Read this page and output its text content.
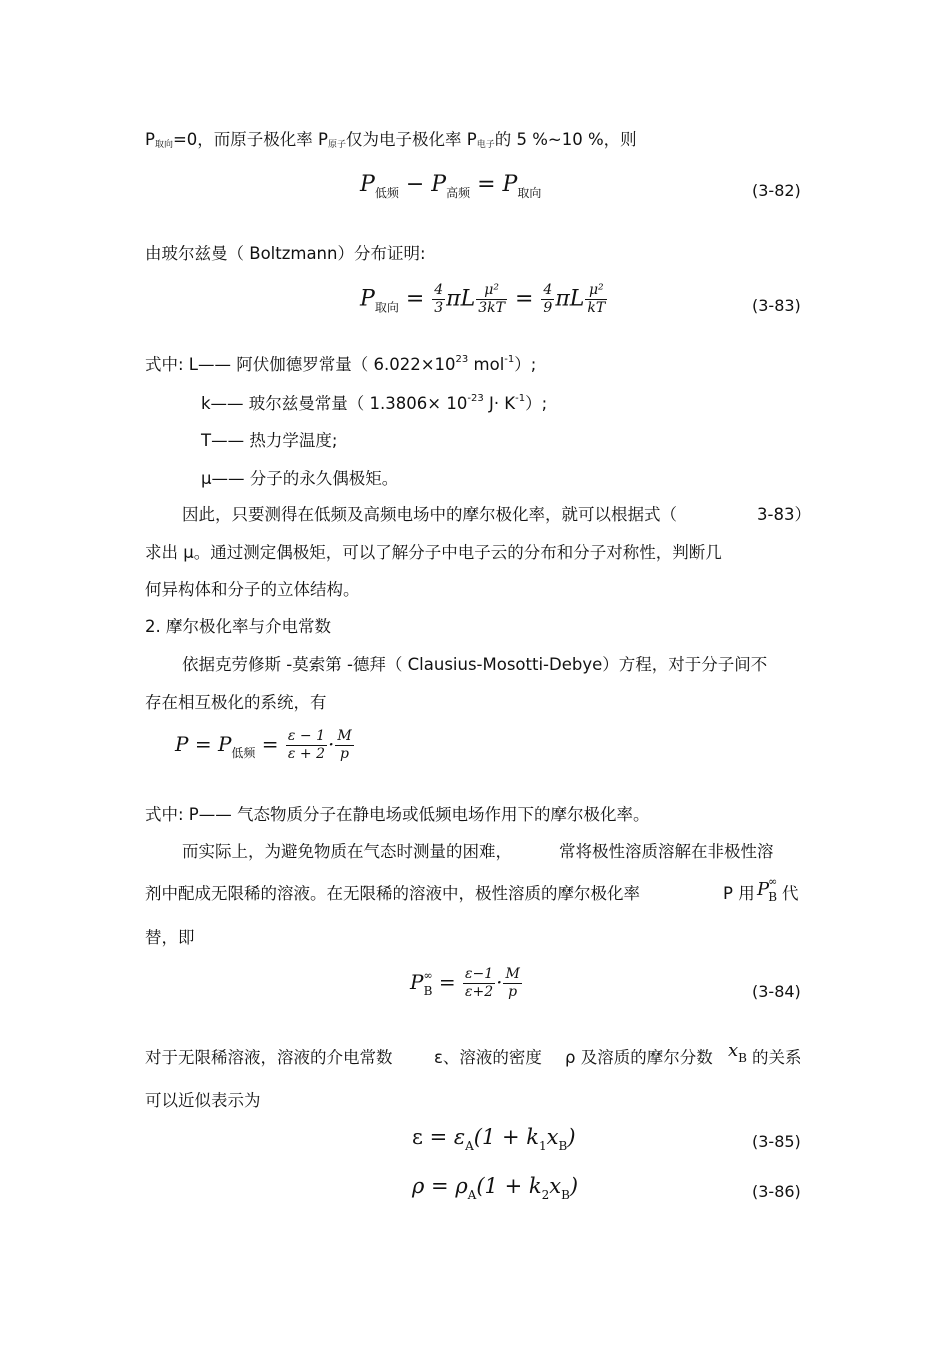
$P_{取向}=0$，而原子极化率 $P_{原子}$仅为电子极化率 $P_{电子}$的 5 %~10 %，则
$P_{低频} - P_{高频} = P_{取向}$	(3-82)
由玻尔兹曼（ Boltzmann）分布证明:
$P_{取向} = \frac{4}{3}$ πL $\frac{\text{μ²}}{3kT} = \frac{4}{9}$ πL $\frac{\text{μ²}}{kT}$	(3-83)
式中: L—— 阿伏伽德罗常量（ $6.022\times 10^{23}$ mol$^{-1}$）;
k—— 玻尔兹曼常量（ $1.3806\times 10^{-23}$ $J\cdot K^{-1}$）;
T—— 热力学温度;
μ—— 分子的永久偶极矩。
因此，只要测得在低频及高频电场中的摩尔极化率，就可以根据式（	3-83）
求出 μ。通过测定偶极矩，可以了解分子中电子云的分布和分子对称性，判断几
何异构体和分子的立体结构。
2. 摩尔极化率与介电常数
依据克劳修斯 -莫索第 -德拜（ Clausius-Mosotti-Debye）方程，对于分子间不
存在相互极化的系统，有
$P = P_{低频} = \frac{\varepsilon - 1}{\varepsilon + 2} \cdot \frac{M}{p}$
式中: P—— 气态物质分子在静电场或低频电场作用下的摩尔极化率。
而实际上，为避免物质在气态时测量的困难，	常将极性溶质溶解在非极性溶
剂中配成无限稀的溶液。在无限稀的溶液中，极性溶质的摩尔极化率	P 用 $P^\infty_B$ 代
替，即
$P^\infty_B = \frac{\varepsilon-1}{\varepsilon+2} \cdot \frac{M}{p}$	(3-84)
对于无限稀溶液，溶液的介电常数	ε、溶液的密度 ρ 及溶质的摩尔分数 $x_B$ 的关系
可以近似表示为
$\varepsilon = \varepsilon_A(1 + k_1x_B)$	(3-85)
$\rho = \rho_A(1 + k_2x_B)$	(3-86)
